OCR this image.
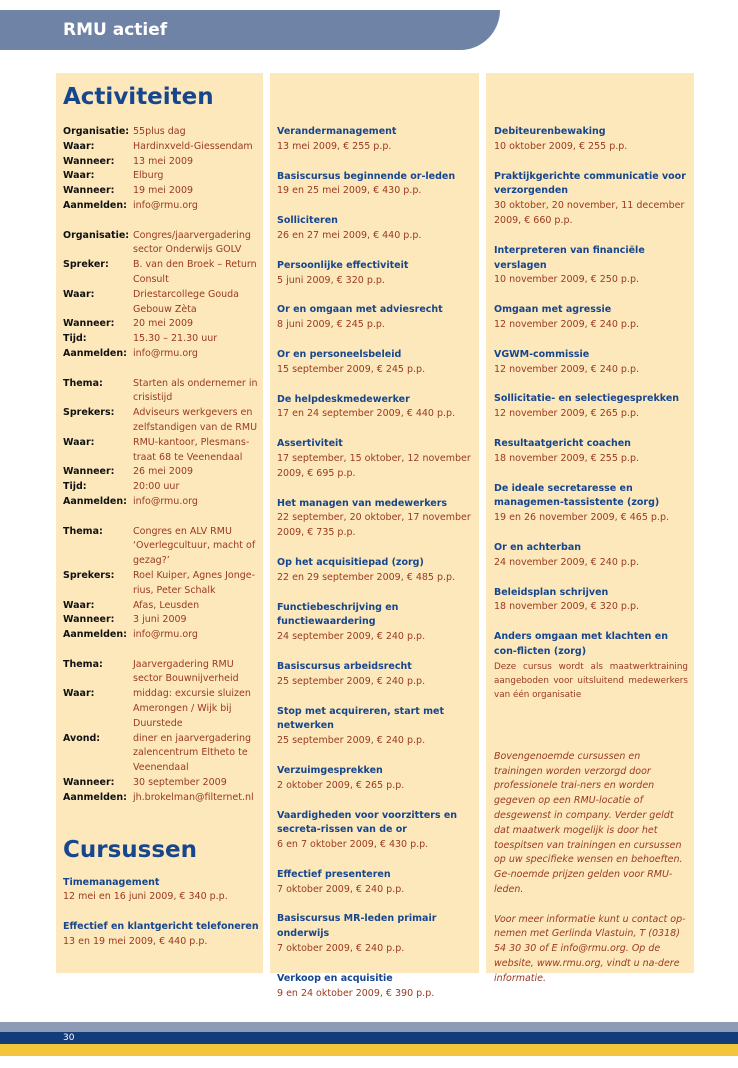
RMU actief
Activiteiten
Organisatie: 55plus dag
Waar:	Hardinxveld-Giessendam
Wanneer:	13 mei 2009
Waar:	Elburg
Wanneer:	19 mei 2009
Aanmelden: info@rmu.org
Organisatie: Congres/jaarvergadering sector Onderwijs GOLV
Spreker:	B. van den Broek – Return Consult
Waar:	Driestarcollege Gouda Gebouw Zèta
Wanneer:	20 mei 2009
Tijd:	15.30 – 21.30 uur
Aanmelden: info@rmu.org
Thema:	Starten als ondernemer in crisistijd
Sprekers:	Adviseurs werkgevers en zelfstandigen van de RMU
Waar:	RMU-kantoor, Plesmans-traat 68 te Veenendaal
Wanneer:	26 mei 2009
Tijd:	20:00 uur
Aanmelden: info@rmu.org
Thema:	Congres en ALV RMU ‘Overlegcultuur, macht of gezag?’
Sprekers:	Roel Kuiper, Agnes Jonge-rius, Peter Schalk
Waar:	Afas, Leusden
Wanneer:	3 juni 2009
Aanmelden: info@rmu.org
Thema:	Jaarvergadering RMU sector Bouwnijverheid
Waar:	middag: excursie sluizen Amerongen / Wijk bij Duurstede
Avond:	diner en jaarvergadering zalencentrum Eltheto te Veenendaal
Wanneer:	30 september 2009
Aanmelden: jh.brokelman@filternet.nl
Cursussen
Timemanagement
12 mei en 16 juni 2009, € 340 p.p.
Effectief en klantgericht telefoneren
13 en 19 mei 2009, € 440 p.p.
Verandermanagement
13 mei 2009, € 255 p.p.
Basiscursus beginnende or-leden
19 en 25 mei 2009, € 430 p.p.
Solliciteren
26 en 27 mei 2009, € 440 p.p.
Persoonlijke effectiviteit
5 juni 2009, € 320 p.p.
Or en omgaan met adviesrecht
8 juni 2009, € 245 p.p.
Or en personeelsbeleid
15 september 2009, € 245 p.p.
De helpdeskmedewerker
17 en 24 september 2009, € 440 p.p.
Assertiviteit
17 september, 15 oktober, 12 november 2009, € 695 p.p.
Het managen van medewerkers
22 september, 20 oktober, 17 november 2009, € 735 p.p.
Op het acquisitiepad (zorg)
22 en 29 september 2009, € 485 p.p.
Functiebeschrijving en functiewaardering
24 september 2009, € 240 p.p.
Basiscursus arbeidsrecht
25 september 2009, € 240 p.p.
Stop met acquireren, start met netwerken
25 september 2009, € 240 p.p.
Verzuimgesprekken
2 oktober 2009, € 265 p.p.
Vaardigheden voor voorzitters en secreta-rissen van de or
6 en 7 oktober 2009, € 430 p.p.
Effectief presenteren
7 oktober 2009, € 240 p.p.
Basiscursus MR-leden primair onderwijs
7 oktober 2009, € 240 p.p.
Verkoop en acquisitie
9 en 24 oktober 2009, € 390 p.p.
Debiteurenbewaking
10 oktober 2009, € 255 p.p.
Praktijkgerichte communicatie voor verzorgenden
30 oktober, 20 november, 11 december 2009, € 660 p.p.
Interpreteren van financiële verslagen
10 november 2009, € 250 p.p.
Omgaan met agressie
12 november 2009, € 240 p.p.
VGWM-commissie
12 november 2009, € 240 p.p.
Sollicitatie- en selectiegesprekken
12 november 2009, € 265 p.p.
Resultaatgericht coachen
18 november 2009, € 255 p.p.
De ideale secretaresse en managemen-tassistente (zorg)
19 en 26 november 2009, € 465 p.p.
Or en achterban
24 november 2009, € 240 p.p.
Beleidsplan schrijven
18 november 2009, € 320 p.p.
Anders omgaan met klachten en con-flicten (zorg)
Deze cursus wordt als maatwerktraining aangeboden voor uitsluitend medewerkers van één organisatie

Bovengenoemde cursussen en trainingen worden verzorgd door professionele trai-ners en worden gegeven op een RMU-locatie of desgewenst in company. Verder geldt dat maatwerk mogelijk is door het toespitsen van trainingen en cursussen op uw specifieke wensen en behoeften. Ge-noemde prijzen gelden voor RMU-leden.

Voor meer informatie kunt u contact op-nemen met Gerlinda Vlastuin, T (0318) 54 30 30 of E info@rmu.org. Op de website, www.rmu.org, vindt u na-dere informatie.

30
